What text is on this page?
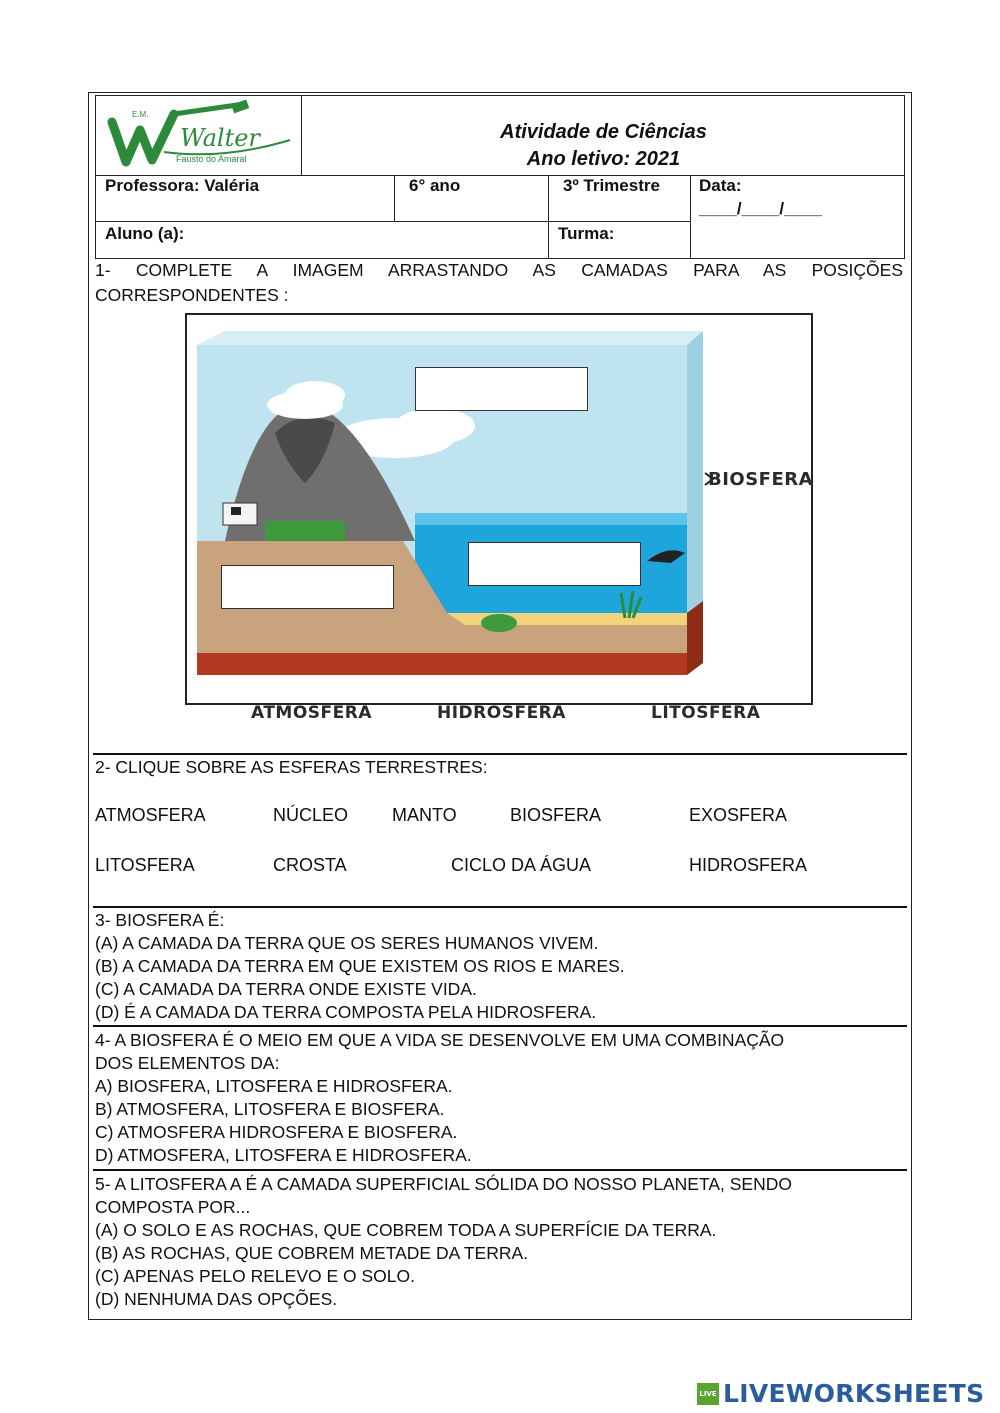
E.M.
Walter
Fausto do Amaral
Atividade de Ciências
Ano letivo: 2021
Professora: Valéria	6° ano	3º Trimestre Data:
____/____/____
Aluno (a):	Turma:
1- COMPLETE A IMAGEM ARRASTANDO AS CAMADAS PARA AS POSIÇÕES CORRESPONDENTES :
BIOSFERA
ATMOSFERA	HIDROSFERA	LITOSFERA
2- CLIQUE SOBRE AS ESFERAS TERRESTRES:
ATMOSFERA	NÚCLEO MANTO	BIOSFERA	EXOSFERA
LITOSFERA	CROSTA	CICLO DA ÁGUA	HIDROSFERA
3- BIOSFERA É:
(A) A CAMADA DA TERRA QUE OS SERES HUMANOS VIVEM.
(B) A CAMADA DA TERRA EM QUE EXISTEM OS RIOS E MARES.
(C) A CAMADA DA TERRA ONDE EXISTE VIDA.
(D) É A CAMADA DA TERRA COMPOSTA PELA HIDROSFERA.
4- A BIOSFERA É O MEIO EM QUE A VIDA SE DESENVOLVE EM UMA COMBINAÇÃO
DOS ELEMENTOS DA:
A) BIOSFERA, LITOSFERA E HIDROSFERA.
B) ATMOSFERA, LITOSFERA E BIOSFERA.
C) ATMOSFERA HIDROSFERA E BIOSFERA.
D) ATMOSFERA, LITOSFERA E HIDROSFERA.
5- A LITOSFERA A É A CAMADA SUPERFICIAL SÓLIDA DO NOSSO PLANETA, SENDO
COMPOSTA POR...
(A) O SOLO E AS ROCHAS, QUE COBREM TODA A SUPERFÍCIE DA TERRA.
(B) AS ROCHAS, QUE COBREM METADE DA TERRA.
(C) APENAS PELO RELEVO E O SOLO.
(D) NENHUMA DAS OPÇÕES.
LIVE LIVEWORKSHEETS
